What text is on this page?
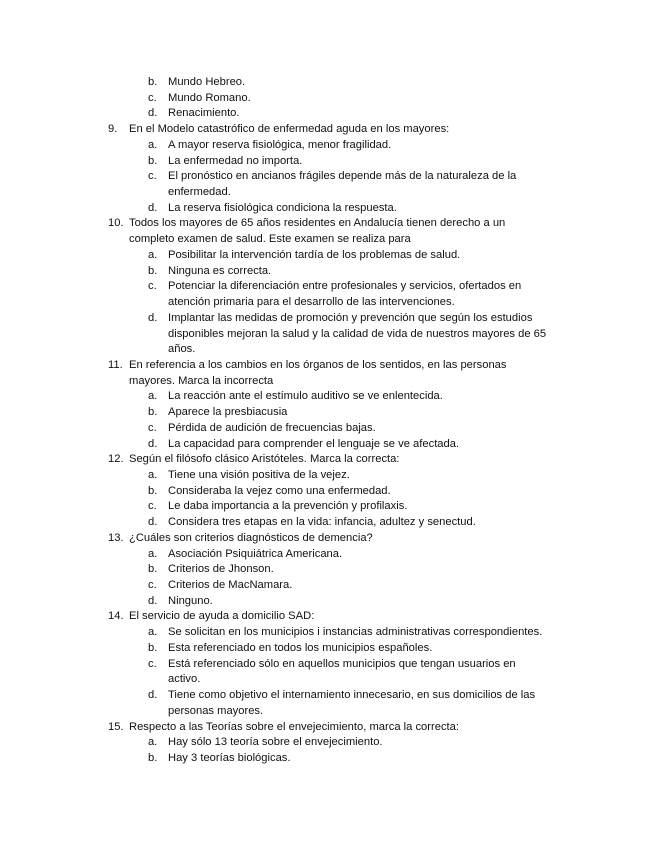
b. Mundo Hebreo.
c. Mundo Romano.
d. Renacimiento.
9.	En el Modelo catastrófico de enfermedad aguda en los mayores:
a. A mayor reserva fisiológica, menor fragilidad.
b. La enfermedad no importa.
c. El pronóstico en ancianos frágiles depende más de la naturaleza de la
enfermedad.
d. La reserva fisiológica condiciona la respuesta.
10. Todos los mayores de 65 años residentes en Andalucía tienen derecho a un
completo examen de salud. Este examen se realiza para
a. Posibilitar la intervención tardía de los problemas de salud.
b. Ninguna es correcta.
c. Potenciar la diferenciación entre profesionales y servicios, ofertados en
atención primaria para el desarrollo de las intervenciones.
d. Implantar las medidas de promoción y prevención que según los estudios
disponibles mejoran la salud y la calidad de vida de nuestros mayores de 65
años.
11. En referencia a los cambios en los órganos de los sentidos, en las personas
mayores. Marca la incorrecta
a. La reacción ante el estímulo auditivo se ve enlentecida.
b. Aparece la presbiacusia
c. Pérdida de audición de frecuencias bajas.
d. La capacidad para comprender el lenguaje se ve afectada.
12. Según el filósofo clásico Aristóteles. Marca la correcta:
a. Tiene una visión positiva de la vejez.
b. Consideraba la vejez como una enfermedad.
c. Le daba importancia a la prevención y profilaxis.
d. Considera tres etapas en la vida: infancia, adultez y senectud.
13. ¿Cuáles son criterios diagnósticos de demencia?
a. Asociación Psiquiátrica Americana.
b. Criterios de Jhonson.
c. Criterios de MacNamara.
d. Ninguno.
14. El servicio de ayuda a domicilio SAD:
a. Se solicitan en los municipios i instancias administrativas correspondientes.
b. Esta referenciado en todos los municipios españoles.
c. Está referenciado sólo en aquellos municipios que tengan usuarios en
activo.
d. Tiene como objetivo el internamiento innecesario, en sus domicilios de las
personas mayores.
15. Respecto a las Teorías sobre el envejecimiento, marca la correcta:
a. Hay sólo 13 teoría sobre el envejecimiento.
b. Hay 3 teorías biológicas.
